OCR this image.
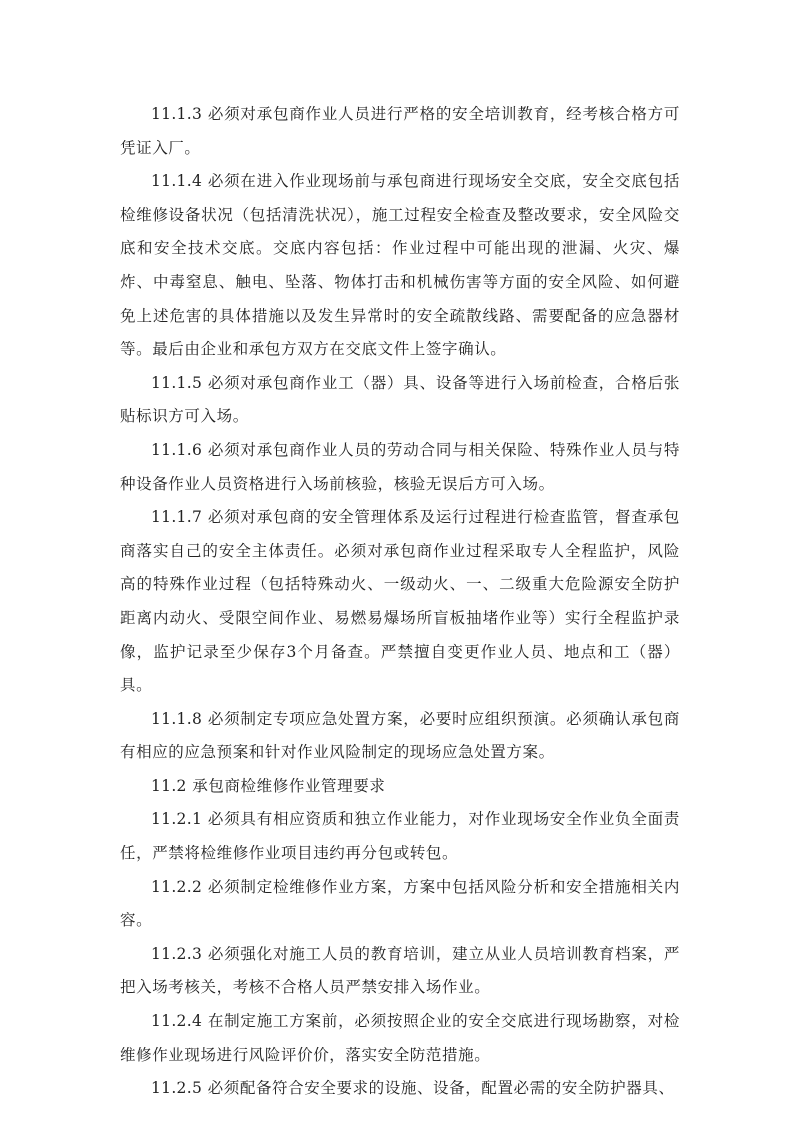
11.1.3 必须对承包商作业人员进行严格的安全培训教育，经考核合格方可凭证入厂。

11.1.4 必须在进入作业现场前与承包商进行现场安全交底，安全交底包括检维修设备状况（包括清洗状况），施工过程安全检查及整改要求，安全风险交底和安全技术交底。交底内容包括：作业过程中可能出现的泄漏、火灾、爆炸、中毒窒息、触电、坠落、物体打击和机械伤害等方面的安全风险、如何避免上述危害的具体措施以及发生异常时的安全疏散线路、需要配备的应急器材等。最后由企业和承包方双方在交底文件上签字确认。

11.1.5 必须对承包商作业工（器）具、设备等进行入场前检查，合格后张贴标识方可入场。

11.1.6 必须对承包商作业人员的劳动合同与相关保险、特殊作业人员与特种设备作业人员资格进行入场前核验，核验无误后方可入场。

11.1.7 必须对承包商的安全管理体系及运行过程进行检查监管，督查承包商落实自己的安全主体责任。必须对承包商作业过程采取专人全程监护，风险高的特殊作业过程（包括特殊动火、一级动火、一、二级重大危险源安全防护距离内动火、受限空间作业、易燃易爆场所盲板抽堵作业等）实行全程监护录像，监护记录至少保存3个月备查。严禁擅自变更作业人员、地点和工（器）具。

11.1.8 必须制定专项应急处置方案，必要时应组织预演。必须确认承包商有相应的应急预案和针对作业风险制定的现场应急处置方案。

11.2 承包商检维修作业管理要求

11.2.1 必须具有相应资质和独立作业能力，对作业现场安全作业负全面责任，严禁将检维修作业项目违约再分包或转包。

11.2.2 必须制定检维修作业方案，方案中包括风险分析和安全措施相关内容。

11.2.3 必须强化对施工人员的教育培训，建立从业人员培训教育档案，严把入场考核关，考核不合格人员严禁安排入场作业。

11.2.4 在制定施工方案前，必须按照企业的安全交底进行现场勘察，对检维修作业现场进行风险评价价，落实安全防范措施。

11.2.5 必须配备符合安全要求的设施、设备，配置必需的安全防护器具、
